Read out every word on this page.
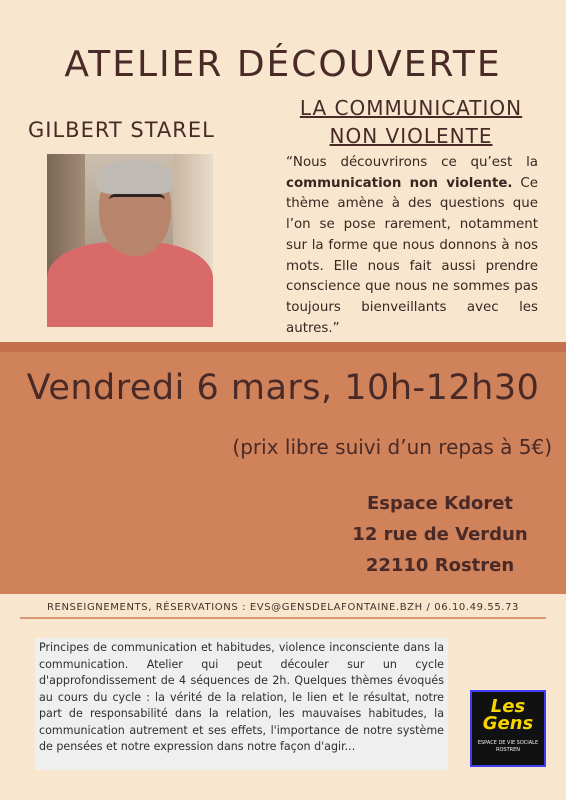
ATELIER DÉCOUVERTE
GILBERT STAREL
LA COMMUNICATION
NON VIOLENTE
“Nous découvrirons ce qu’est la communication non violente. Ce thème amène à des questions que l’on se pose rarement, notamment sur la forme que nous donnons à nos mots. Elle nous fait aussi prendre conscience que nous ne sommes pas toujours bienveillants avec les autres.”
Vendredi 6 mars, 10h-12h30
(prix libre suivi d’un repas à 5€)
Espace Kdoret
12 rue de Verdun
22110 Rostren
RENSEIGNEMENTS, RÉSERVATIONS : EVS@GENSDELAFONTAINE.BZH / 06.10.49.55.73
Principes de communication et habitudes, violence inconsciente dans la communication. Atelier qui peut découler sur un cycle d'approfondissement de 4 séquences de 2h. Quelques thèmes évoqués au cours du cycle : la vérité de la relation, le lien et le résultat, notre part de responsabilité dans la relation, les mauvaises habitudes, la communication autrement et ses effets, l'importance de notre système de pensées et notre expression dans notre façon d'agir...
Les
Gens
ESPACE DE VIE SOCIALE
ROSTREN
